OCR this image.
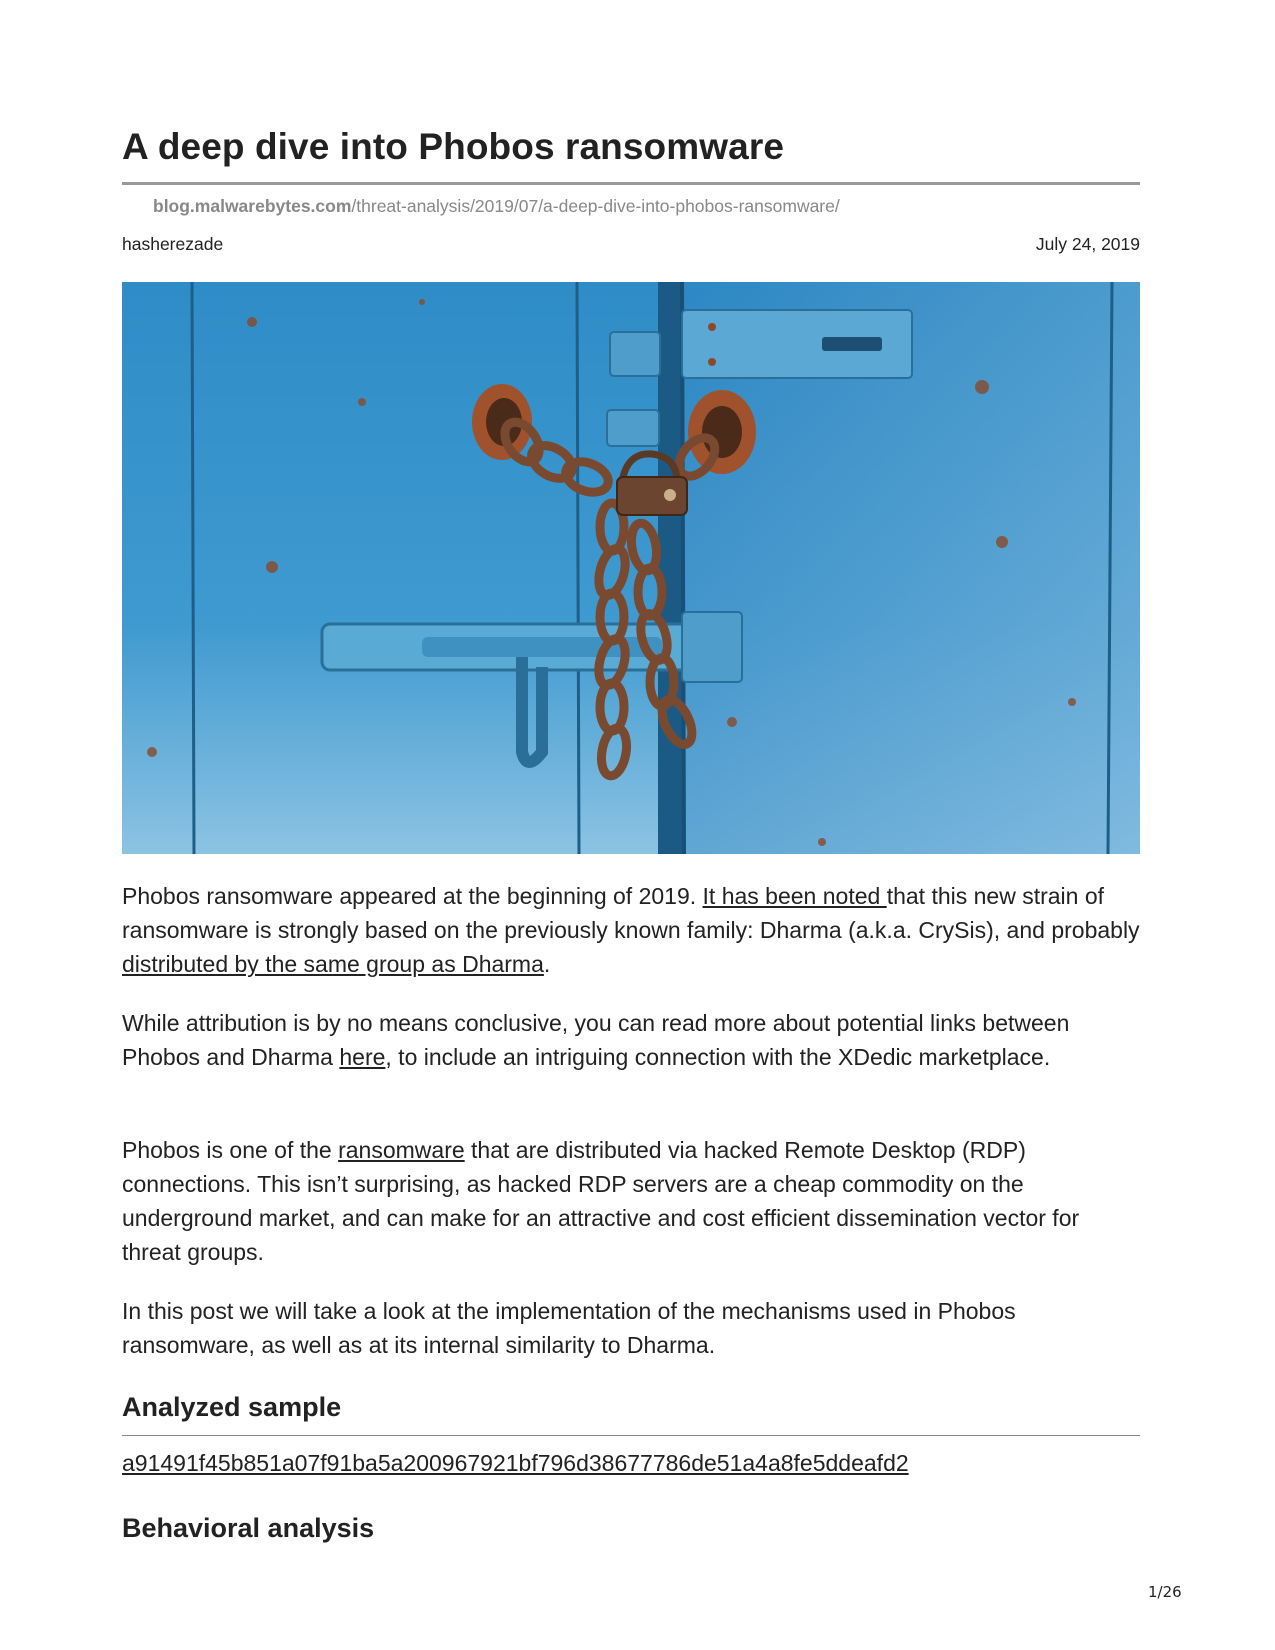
A deep dive into Phobos ransomware
blog.malwarebytes.com/threat-analysis/2019/07/a-deep-dive-into-phobos-ransomware/
hasherezade	July 24, 2019

Phobos ransomware appeared at the beginning of 2019. It has been noted that this new strain of ransomware is strongly based on the previously known family: Dharma (a.k.a. CrySis), and probably distributed by the same group as Dharma.

While attribution is by no means conclusive, you can read more about potential links between Phobos and Dharma here, to include an intriguing connection with the XDedic marketplace.

Phobos is one of the ransomware that are distributed via hacked Remote Desktop (RDP) connections. This isn’t surprising, as hacked RDP servers are a cheap commodity on the underground market, and can make for an attractive and cost efficient dissemination vector for threat groups.

In this post we will take a look at the implementation of the mechanisms used in Phobos ransomware, as well as at its internal similarity to Dharma.

Analyzed sample
a91491f45b851a07f91ba5a200967921bf796d38677786de51a4a8fe5ddeafd2
Behavioral analysis
1/26
